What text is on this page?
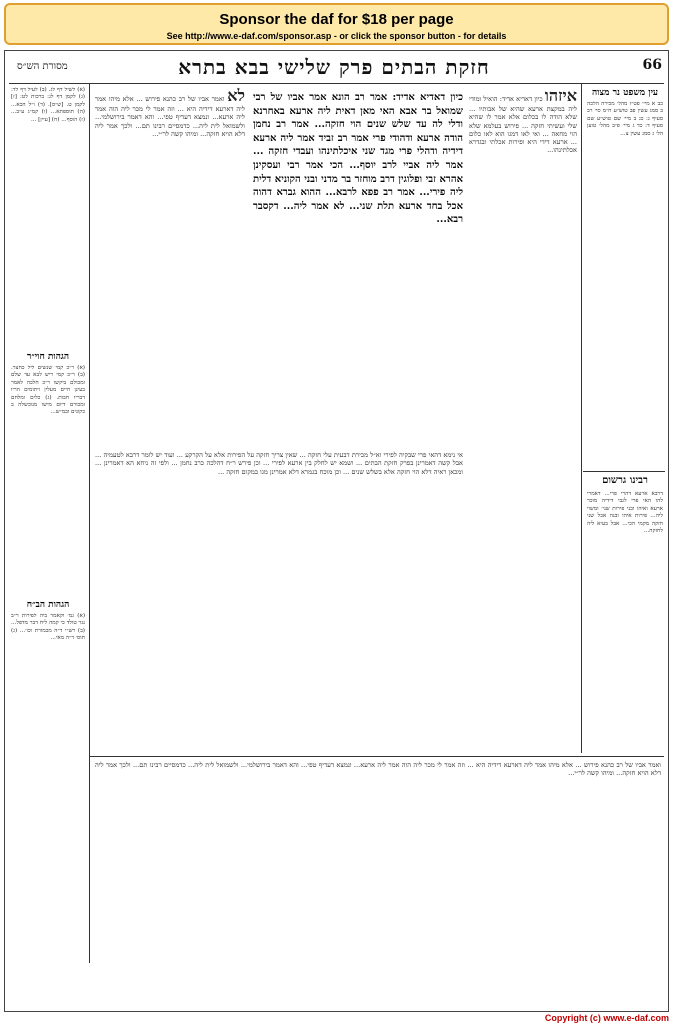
Sponsor the daf for $18 per page
See http://www.e-daf.com/sponsor.asp - or click the sponsor button - for details
66
חזקת הבתים פרק שלישי בבא בתרא
מסורת הש״ס
(א) לשיל דף לג. (ב) לעיל דף לד: (ג) לקמן דף לג: ברכות לט: [ז] לקמן ט. [ש״ס]. (ד) ו״ל הכא... (ה) תוספתא... (ו) קמ״ג ע״ב... (ז) הוסף... (ח) [עיין] ...
הגהות חוי״ר
(א) ר״כ קמי שנשים ליל כחצר. (ב) ר״כ קמי ריש לבא עד שלם ומכולם ביקשו ר״כ חלכה לאמר בעינן חיים מעלין ויתומים הריו דבריו חבות. (ג) כלים ומלחם ומכורם דיום מישו מנוכשלה ב כקונים ובמ״ש...
הגהות הב״ח
(א) גמ׳ וקאמר ביה לפירות ר״ב נגר טולד כי קמה ליח דבר מדפל... (ב) רש״י ד״ה מכמורת וכו׳... (ג) תוס׳ ד״ה מאי...
עין משפט נר מצוה
כב א מיי׳ פט״ז מהל׳ מכירה הלכה ב סמג עשין פב טוש״ע ח״מ סי׳ רב סעיף ג: כג ב מיי׳ שם טוש״ע שם סעיף ד: כד ג מיי׳ פ״ב מהל׳ טוען הל׳ ג סמג עשין צ...
רבינו גרשום
דרבא ארעא דהרי פרי... דאמרי להו האי פרי לגבי דידיה מוכר ארעא ואיהו ובני פירות שני׳ ומשוי ליה... פירות איהו ובנה אכל שני חזקה מקמי הכי... אבל בעיא ליה לחזקה...
לא ואמר אביו של רב כהנא פירוש ... אלא מיהו אמר ליה דארעא דידיה היא ... וזה אמר לי מכר ליה הוה אמר ליה ארעא... ונמצא דעדיף טפי... והא דאמר בירושלמי... ולשמואל לית ליה... כדמסיים רבינו תם... ולכך אמר ליה דלא הויא חזקה... ומיהו קשה לר״י...
כיון דאדיא אדיד: אמר רב הונא אמר אביו של רבי שמואל בר אבא האי מאן דאית ליה ארעא באחרנא ודלי לה עד שלש שנים הוי חזקה... אמר רב נחמן הודה ארעא ודהודי פרי אמר רב זביד אמר ליה ארעא דידיה ודהלי פרי מגד שני איכלתינהו ועבדי חזקה ... אמר ליה אביי לרב יוסף... הכי אמר רבי ועסקינן אהרא זבי ופלוגין דרב מוחזר בר מדני ובני הקוניא דלית ליה פירי... אמר רב פפא לרבא... ההוא גברא דהוה אכל בחד ארעא תלת שני... לא אמר ליה... דקסבר רבא...
איזהו כיון דאדיא אדיד: הואיל ומודי ליה במקצת ארעא שהיא של אבותיו ... שלא הודה לו בכלום אלא אמר לו שהיא שלי ועשיתי חזקה ... פירוש בעלמא שלא הוי מחאה ... ואי לאו דמגו הוא לאו כלום ... ארעא דידי היא ופירות אכלתי ובגדרא אכלתינהו...
אי נימא דהאי פרי שבקיה לפירי וא״ל מכירת דבעית עלי חזקה ... שאין צריך חזקה על הפירות אלא על הקרקע ... ועוד יש לומר דרבא לטעמיה ... אבל קשה דאמרינן בפרק חזקת הבתים ... ושמא יש לחלק בין ארעא לפירי ... וכן פירש ר״ח דהלכה כרב נחמן ... ולפי זה ניחא הא דאמרינן ... ומכאן ראיה דלא הוי חזקה אלא בשלש שנים ... וכן מוכח בגמרא דלא אמרינן מגו במקום חזקה ...
ואמר אביו של רב כהנא פירוש ... אלא מיהו אמר ליה דארעא דידיה היא ... וזה אמר לי מכר ליה הוה אמר ליה ארעא... ונמצא דעדיף טפי... והא דאמר בירושלמי... ולשמואל לית ליה... כדמסיים רבינו תם... ולכך אמר ליה דלא הויא חזקה... ומיהו קשה לר״י...
Copyright (c) www.e-daf.com
